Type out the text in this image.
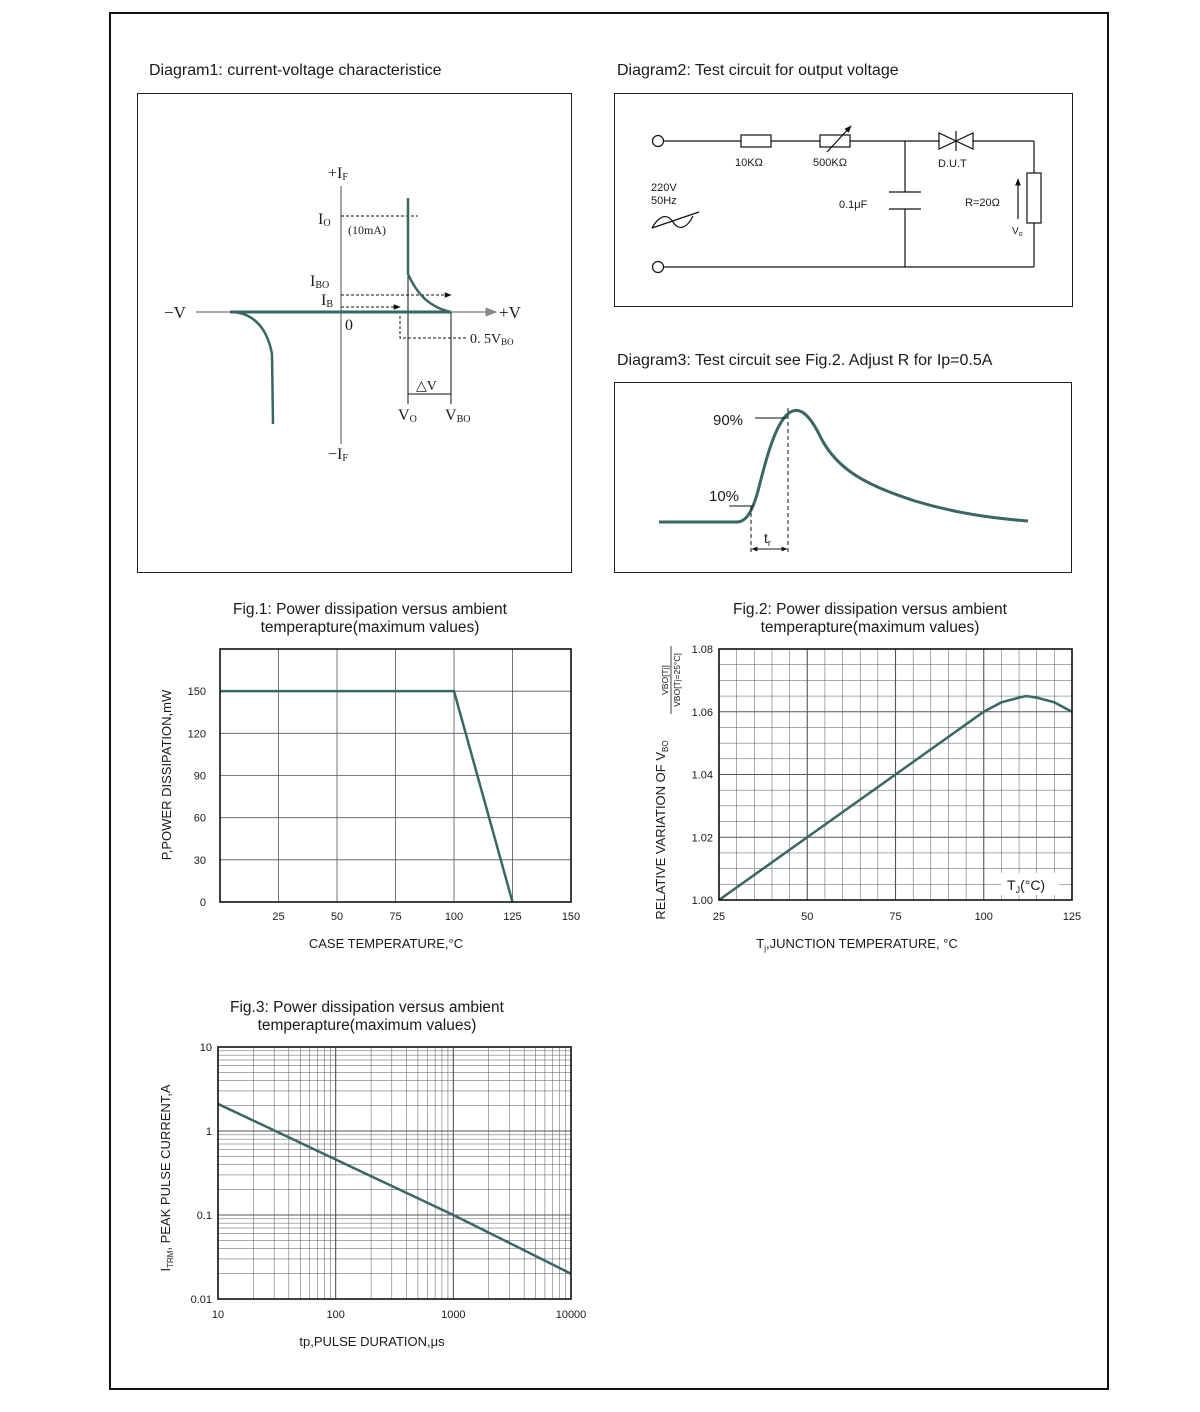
Diagram1: current-voltage characteristice
+IF
IO (10mA)
IBO
IB
−V	+V
0
0. 5VBO
△V
VO VBO
−IF
Diagram2: Test circuit for output voltage
10KΩ	500KΩ	D.U.T
220V
50Hz	0.1μF	R=20Ω
$V_o$
Diagram3: Test circuit see Fig.2. Adjust R for Ip=0.5A
90%
10%
$t_r$
Fig.1: Power dissipation versus ambient
temperapture(maximum values)
25	50	75	100	125	150
0
30
60
90
120
150
CASE TEMPERATURE,°C
P,POWER DISSIPATION,mW
Fig.2: Power dissipation versus ambient
temperapture(maximum values)
25	50	75	100	125
1.00
1.02
1.04
1.06
1.08
$T_J(^\circ C)$
$T_j,JUNCTION$ TEMPERATURE, °C
RELATIVE VARIATION OF $V_{BO}$
VBO[Tj] VBO[Tj=25°C]
Fig.3: Power dissipation versus ambient
temperapture(maximum values)
10	100	1000	10000
0.01
0.1
1
10
tp,PULSE DURATION,μs
$I_{TRM}$, PEAK PULSE CURRENT,A
